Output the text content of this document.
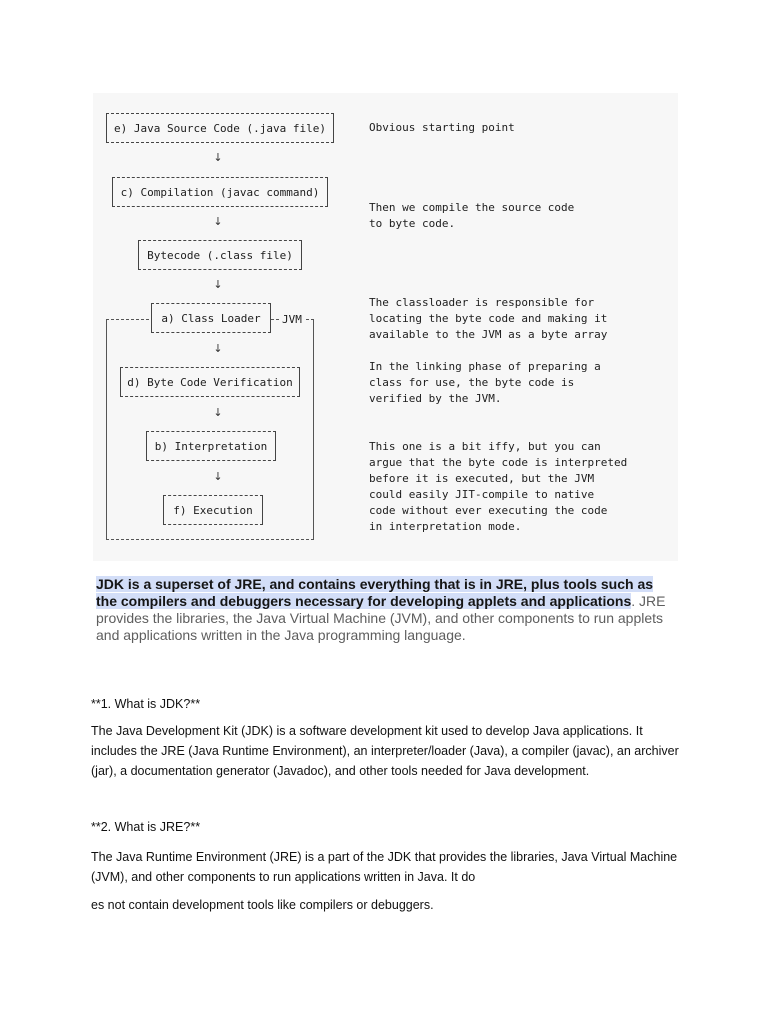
e) Java Source Code (.java file)
↓
c) Compilation (javac command)
↓
Bytecode (.class file)
↓
JVM
a) Class Loader
↓
d) Byte Code Verification
↓
b) Interpretation
↓
f) Execution
Obvious starting point
Then we compile the source code
to byte code.
The classloader is responsible for
locating the byte code and making it
available to the JVM as a byte array
In the linking phase of preparing a
class for use, the byte code is
verified by the JVM.
This one is a bit iffy, but you can
argue that the byte code is interpreted
before it is executed, but the JVM
could easily JIT-compile to native
code without ever executing the code
in interpretation mode.
JDK is a superset of JRE, and contains everything that is in JRE, plus tools such as the compilers and debuggers necessary for developing applets and applications. JRE provides the libraries, the Java Virtual Machine (JVM), and other components to run applets and applications written in the Java programming language.
**1. What is JDK?**
The Java Development Kit (JDK) is a software development kit used to develop Java applications. It includes the JRE (Java Runtime Environment), an interpreter/loader (Java), a compiler (javac), an archiver (jar), a documentation generator (Javadoc), and other tools needed for Java development.
**2. What is JRE?**
The Java Runtime Environment (JRE) is a part of the JDK that provides the libraries, Java Virtual Machine (JVM), and other components to run applications written in Java. It do
es not contain development tools like compilers or debuggers.
